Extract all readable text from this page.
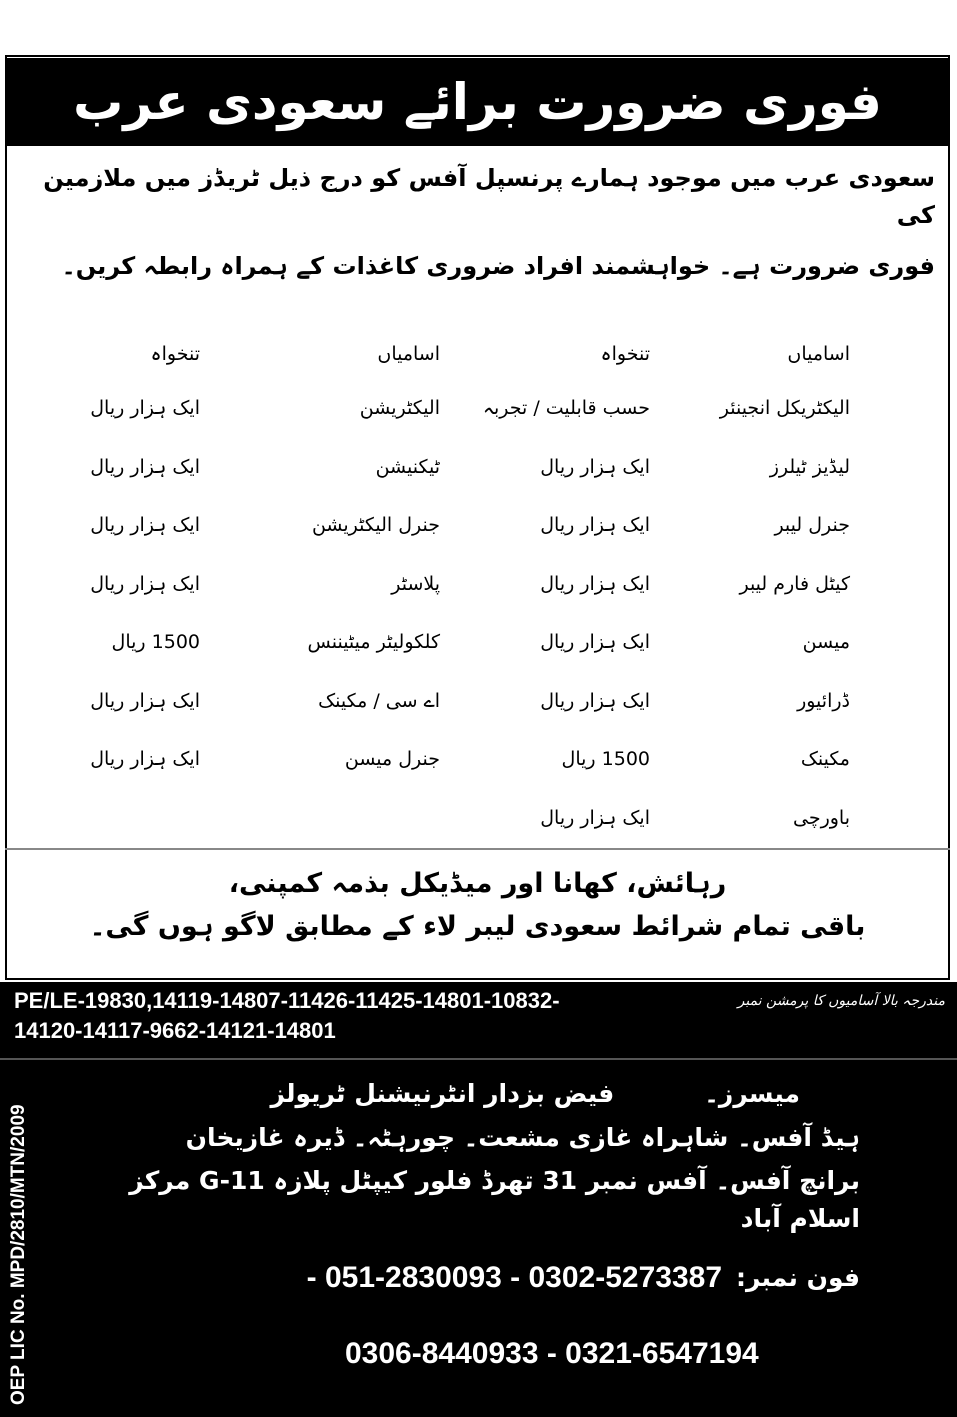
فوری ضرورت برائے سعودی عرب
سعودی عرب میں موجود ہمارے پرنسپل آفس کو درج ذیل ٹریڈز میں ملازمین کی
فوری ضرورت ہے۔ خواہشمند افراد ضروری کاغذات کے ہمراہ رابطہ کریں۔
اسامیاں
تنخواہ
اسامیاں
تنخواہ
الیکٹریکل انجینئر
حسب قابلیت / تجربہ
لیڈیز ٹیلرز
ایک ہزار ریال
جنرل لیبر
ایک ہزار ریال
کیٹل فارم لیبر
ایک ہزار ریال
میسن
ایک ہزار ریال
ڈرائیور
ایک ہزار ریال
مکینک
1500 ریال
باورچی
ایک ہزار ریال
الیکٹریشن
ایک ہزار ریال
ٹیکنیشن
ایک ہزار ریال
جنرل الیکٹریشن
ایک ہزار ریال
پلاسٹر
ایک ہزار ریال
کلکولیٹر میٹیننس
1500 ریال
اے سی / مکینک
ایک ہزار ریال
جنرل میسن
ایک ہزار ریال
رہائش، کھانا اور میڈیکل بذمہ کمپنی،
باقی تمام شرائط سعودی لیبر لاء کے مطابق لاگو ہوں گی۔
PE/LE-19830,14119-14807-11426-11425-14801-10832-	مندرجہ بالا آسامیوں کا پرمشن نمبر
14120-14117-9662-14121-14801
OEP LIC No. MPD/2810/MTN/2009
میسرز۔
فیض بزدار انٹرنیشنل ٹریولز
ہیڈ آفس۔ شاہراہ غازی مشعت۔ چورہٹہ۔ ڈیرہ غازیخان
برانچ آفس۔ آفس نمبر 31 تھرڈ فلور کیپٹل پلازہ G-11 مرکز اسلام آباد
فون نمبر:
- 051-2830093 - 0302-5273387
0306-8440933 - 0321-6547194
